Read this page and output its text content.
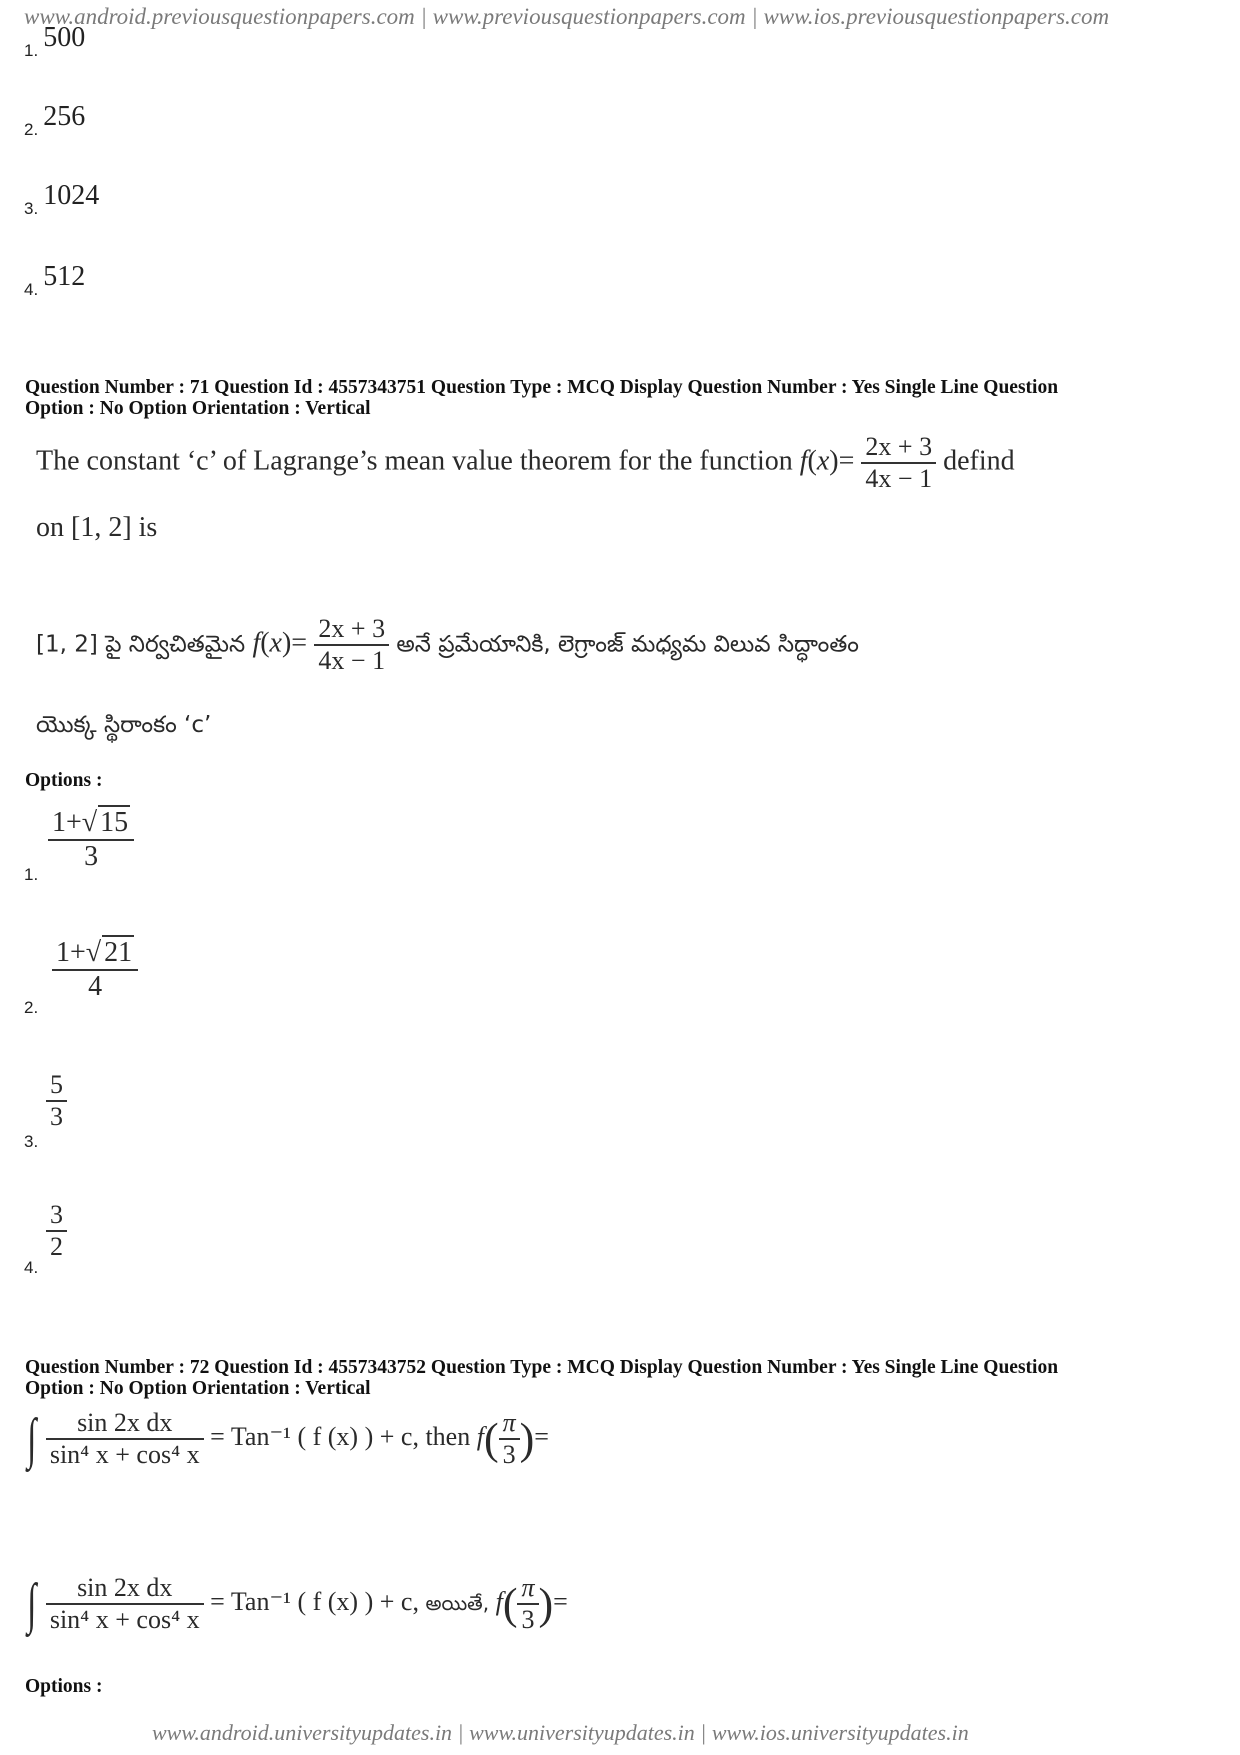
www.android.previousquestionpapers.com | www.previousquestionpapers.com | www.ios.previousquestionpapers.com
1. 500
2. 256
3. 1024
4. 512
Question Number : 71 Question Id : 4557343751 Question Type : MCQ Display Question Number : Yes Single Line Question
Option : No Option Orientation : Vertical
The constant ‘c’ of Lagrange’s mean value theorem for the function $f(x)= \frac{2x + 3}{4x - 1}$ defind
on [1, 2] is
[1, 2] పై నిర్వచితమైన $f(x)= \frac{2x + 3}{4x - 1}$ అనే ప్రమేయానికి, లెగ్రాంజ్ మధ్యమ విలువ సిద్ధాంతం
యొక్క స్థిరాంకం ‘c’
Options :
1.
$\frac{1+√ 15}{3}$
2.
$\frac{1+√ 21}{4}$
3.
$\frac{5}{3}$
4.
$\frac{3}{2}$
Question Number : 72 Question Id : 4557343752 Question Type : MCQ Display Question Number : Yes Single Line Question
Option : No Option Orientation : Vertical
∫ $\frac{\text{sin 2x dx}}{\text{sin⁴ x + cos⁴ x}} = Tan^{-1}$ ( f (x) ) + c, then $f( \frac{\pi}{3}$ )=
∫ $\frac{\text{sin 2x dx}}{\text{sin⁴ x + cos⁴ x}} = Tan^{-1}$ ( f (x) ) + c, అయితే, $f( \frac{\pi}{3}$ )=
Options :
www.android.universityupdates.in | www.universityupdates.in | www.ios.universityupdates.in
